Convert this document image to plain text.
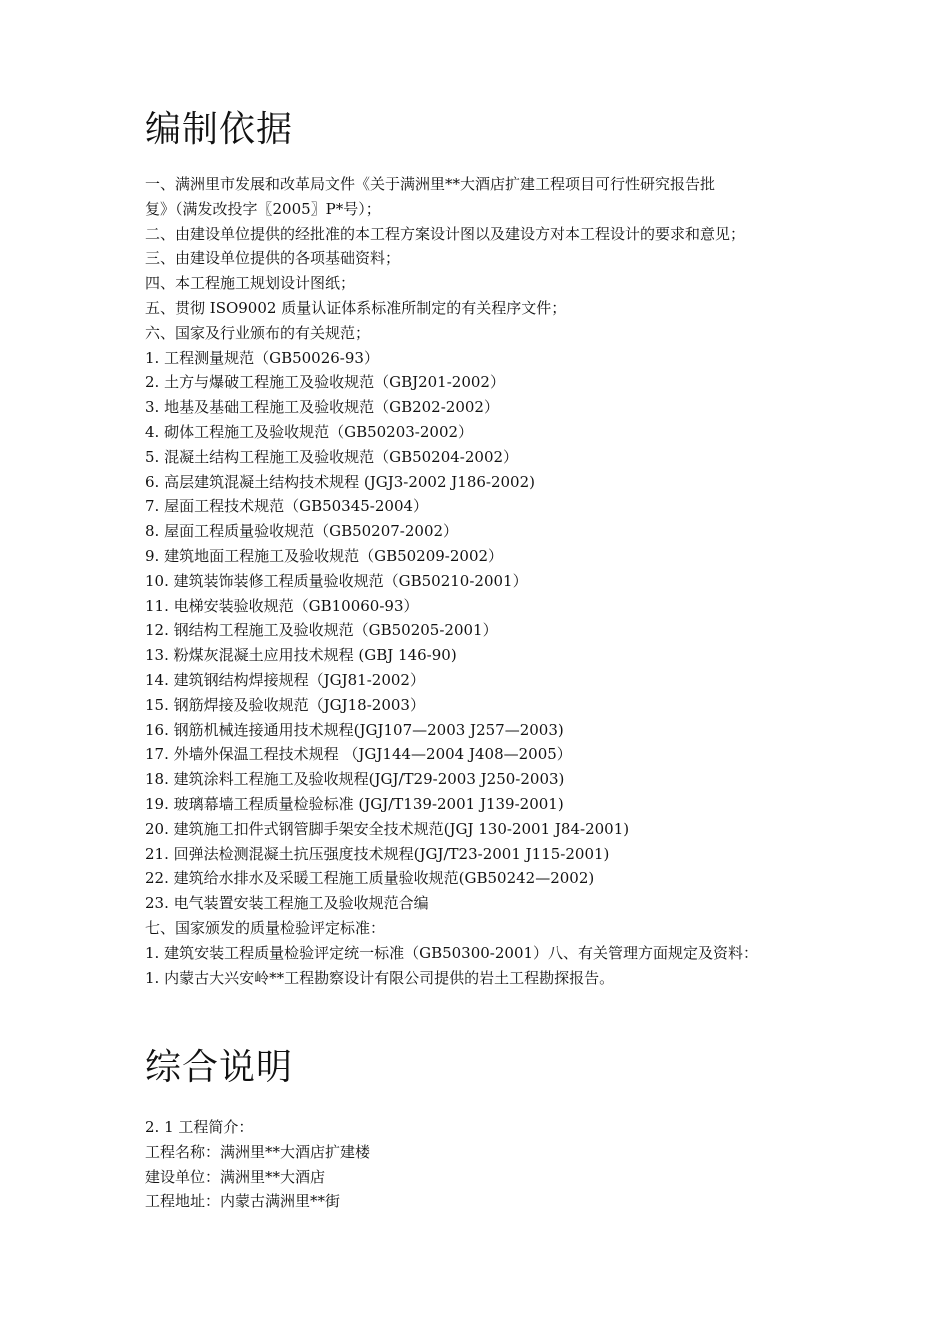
编制依据

一、满洲里市发展和改革局文件《关于满洲里**大酒店扩建工程项目可行性研究报告批

复》（满发改投字〖2005〗P*号）；

二、由建设单位提供的经批准的本工程方案设计图以及建设方对本工程设计的要求和意见；

三、由建设单位提供的各项基础资料；

四、本工程施工规划设计图纸；

五、贯彻 ISO9002 质量认证体系标准所制定的有关程序文件；

六、国家及行业颁布的有关规范；

1. 工程测量规范（GB50026-93）

2. 土方与爆破工程施工及验收规范（GBJ201-2002）

3. 地基及基础工程施工及验收规范（GB202-2002）

4. 砌体工程施工及验收规范（GB50203-2002）

5. 混凝土结构工程施工及验收规范（GB50204-2002）

6. 高层建筑混凝土结构技术规程 (JGJ3-2002 J186-2002)

7. 屋面工程技术规范（GB50345-2004）

8. 屋面工程质量验收规范（GB50207-2002）

9. 建筑地面工程施工及验收规范（GB50209-2002）

10. 建筑装饰装修工程质量验收规范（GB50210-2001）

11. 电梯安装验收规范（GB10060-93）

12. 钢结构工程施工及验收规范（GB50205-2001）

13. 粉煤灰混凝土应用技术规程 (GBJ 146-90)

14. 建筑钢结构焊接规程（JGJ81-2002）

15. 钢筋焊接及验收规范（JGJ18-2003）

16. 钢筋机械连接通用技术规程(JGJ107—2003 J257—2003)

17. 外墙外保温工程技术规程 （JGJ144—2004 J408—2005）

18. 建筑涂料工程施工及验收规程(JGJ/T29-2003 J250-2003)

19. 玻璃幕墙工程质量检验标准 (JGJ/T139-2001 J139-2001)

20. 建筑施工扣件式钢管脚手架安全技术规范(JGJ 130-2001 J84-2001)

21. 回弹法检测混凝土抗压强度技术规程(JGJ/T23-2001 J115-2001)

22. 建筑给水排水及采暖工程施工质量验收规范(GB50242—2002)

23. 电气装置安装工程施工及验收规范合编

七、国家颁发的质量检验评定标准：

1. 建筑安装工程质量检验评定统一标准（GB50300-2001）八、有关管理方面规定及资料：

1. 内蒙古大兴安岭**工程勘察设计有限公司提供的岩土工程勘探报告。

综合说明

2. 1 工程简介：

工程名称：满洲里**大酒店扩建楼

建设单位：满洲里**大酒店

工程地址：内蒙古满洲里**街
